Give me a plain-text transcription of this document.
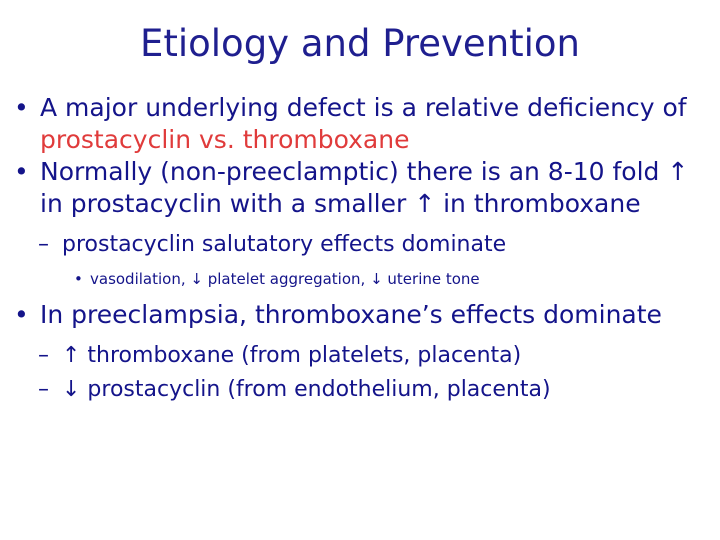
Etiology and Prevention
• A major underlying defect is a relative deficiency of prostacyclin vs. thromboxane
• Normally (non-preeclamptic) there is an 8-10 fold ↑ in prostacyclin with a smaller ↑ in thromboxane
– prostacyclin salutatory effects dominate
• vasodilation, ↓ platelet aggregation, ↓ uterine tone
• In preeclampsia, thromboxane’s effects dominate
– ↑ thromboxane (from platelets, placenta)
– ↓ prostacyclin (from endothelium, placenta)
